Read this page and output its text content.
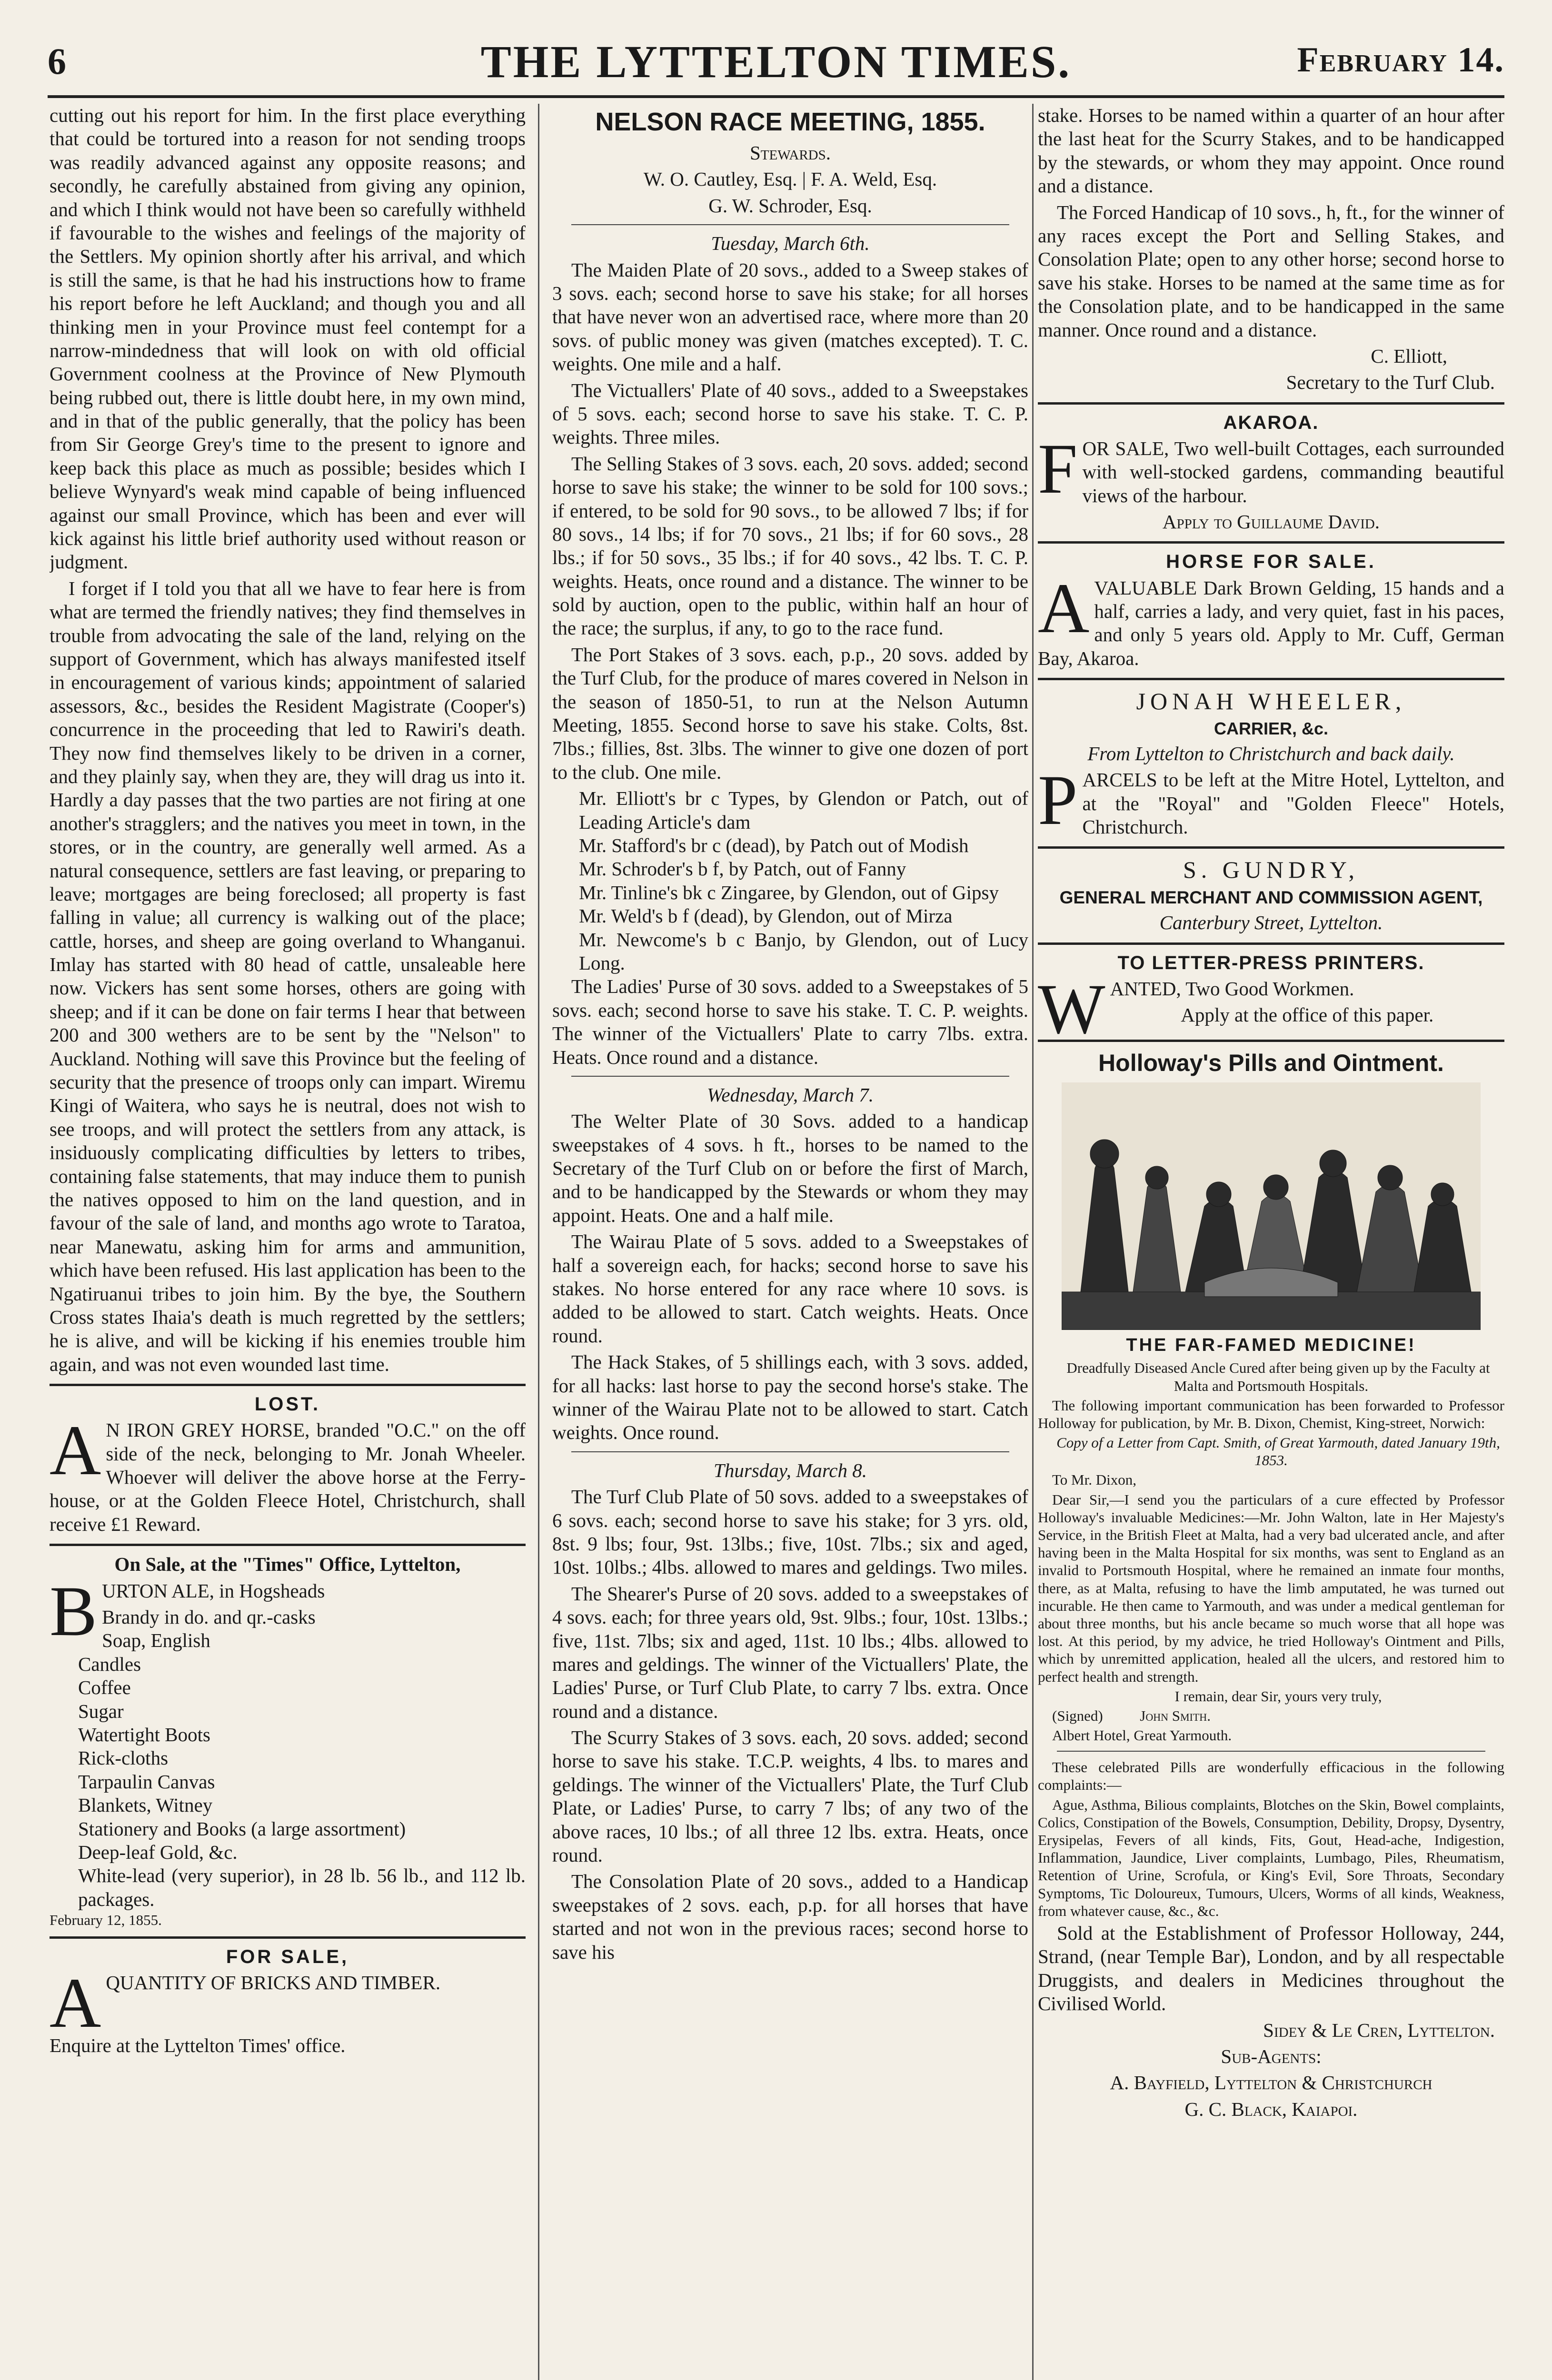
6	THE LYTTELTON TIMES.	February 14.

cutting out his report for him. In the first place everything that could be tortured into a reason for not sending troops was readily advanced against any opposite reasons; and secondly, he carefully abstained from giving any opinion, and which I think would not have been so carefully withheld if favourable to the wishes and feelings of the majority of the Settlers. My opinion shortly after his arrival, and which is still the same, is that he had his instructions how to frame his report before he left Auckland; and though you and all thinking men in your Province must feel contempt for a narrow-mindedness that will look on with old official Government coolness at the Province of New Plymouth being rubbed out, there is little doubt here, in my own mind, and in that of the public generally, that the policy has been from Sir George Grey's time to the present to ignore and keep back this place as much as possible; besides which I believe Wynyard's weak mind capable of being influenced against our small Province, which has been and ever will kick against his little brief authority used without reason or judgment.

I forget if I told you that all we have to fear here is from what are termed the friendly natives; they find themselves in trouble from advocating the sale of the land, relying on the support of Government, which has always manifested itself in encouragement of various kinds; appointment of salaried assessors, &c., besides the Resident Magistrate (Cooper's) concurrence in the proceeding that led to Rawiri's death. They now find themselves likely to be driven in a corner, and they plainly say, when they are, they will drag us into it. Hardly a day passes that the two parties are not firing at one another's stragglers; and the natives you meet in town, in the stores, or in the country, are generally well armed. As a natural consequence, settlers are fast leaving, or preparing to leave; mortgages are being foreclosed; all property is fast falling in value; all currency is walking out of the place; cattle, horses, and sheep are going overland to Whanganui. Imlay has started with 80 head of cattle, unsaleable here now. Vickers has sent some horses, others are going with sheep; and if it can be done on fair terms I hear that between 200 and 300 wethers are to be sent by the "Nelson" to Auckland. Nothing will save this Province but the feeling of security that the presence of troops only can impart. Wiremu Kingi of Waitera, who says he is neutral, does not wish to see troops, and will protect the settlers from any attack, is insiduously complicating difficulties by letters to tribes, containing false statements, that may induce them to punish the natives opposed to him on the land question, and in favour of the sale of land, and months ago wrote to Taratoa, near Manewatu, asking him for arms and ammunition, which have been refused. His last application has been to the Ngatiruanui tribes to join him. By the bye, the Southern Cross states Ihaia's death is much regretted by the settlers; he is alive, and will be kicking if his enemies trouble him again, and was not even wounded last time.

LOST.

A N IRON GREY HORSE, branded "O.C." on the off side of the neck, belonging to Mr. Jonah Wheeler. Whoever will deliver the above horse at the Ferry-house, or at the Golden Fleece Hotel, Christchurch, shall receive £1 Reward.

On Sale, at the "Times" Office, Lyttelton,

BURTON ALE, in Hogsheads

Brandy in do. and qr.-casks

Soap, English

Candles

Coffee

Sugar

Watertight Boots

Rick-cloths

Tarpaulin Canvas

Blankets, Witney

Stationery and Books (a large assortment)

Deep-leaf Gold, &c.

White-lead (very superior), in 28 lb. 56 lb., and 112 lb. packages.

February 12, 1855.

FOR SALE,

AQUANTITY OF BRICKS AND TIMBER.

Enquire at the Lyttelton Times' office.

NELSON RACE MEETING, 1855.

Stewards.

W. O. Cautley, Esq. | F. A. Weld, Esq.

G. W. Schroder, Esq.

Tuesday, March 6th.

The Maiden Plate of 20 sovs., added to a Sweep stakes of 3 sovs. each; second horse to save his stake; for all horses that have never won an advertised race, where more than 20 sovs. of public money was given (matches excepted). T. C. weights. One mile and a half.

The Victuallers' Plate of 40 sovs., added to a Sweepstakes of 5 sovs. each; second horse to save his stake. T. C. P. weights. Three miles.

The Selling Stakes of 3 sovs. each, 20 sovs. added; second horse to save his stake; the winner to be sold for 100 sovs.; if entered, to be sold for 90 sovs., to be allowed 7 lbs; if for 80 sovs., 14 lbs; if for 70 sovs., 21 lbs; if for 60 sovs., 28 lbs.; if for 50 sovs., 35 lbs.; if for 40 sovs., 42 lbs. T. C. P. weights. Heats, once round and a distance. The winner to be sold by auction, open to the public, within half an hour of the race; the surplus, if any, to go to the race fund.

The Port Stakes of 3 sovs. each, p.p., 20 sovs. added by the Turf Club, for the produce of mares covered in Nelson in the season of 1850-51, to run at the Nelson Autumn Meeting, 1855. Second horse to save his stake. Colts, 8st. 7lbs.; fillies, 8st. 3lbs. The winner to give one dozen of port to the club. One mile.

Mr. Elliott's br c Types, by Glendon or Patch, out of Leading Article's dam

Mr. Stafford's br c (dead), by Patch out of Modish

Mr. Schroder's b f, by Patch, out of Fanny

Mr. Tinline's bk c Zingaree, by Glendon, out of Gipsy

Mr. Weld's b f (dead), by Glendon, out of Mirza

Mr. Newcome's b c Banjo, by Glendon, out of Lucy Long.

The Ladies' Purse of 30 sovs. added to a Sweepstakes of 5 sovs. each; second horse to save his stake. T. C. P. weights. The winner of the Victuallers' Plate to carry 7lbs. extra. Heats. Once round and a distance.

Wednesday, March 7.

The Welter Plate of 30 Sovs. added to a handicap sweepstakes of 4 sovs. h ft., horses to be named to the Secretary of the Turf Club on or before the first of March, and to be handicapped by the Stewards or whom they may appoint. Heats. One and a half mile.

The Wairau Plate of 5 sovs. added to a Sweepstakes of half a sovereign each, for hacks; second horse to save his stakes. No horse entered for any race where 10 sovs. is added to be allowed to start. Catch weights. Heats. Once round.

The Hack Stakes, of 5 shillings each, with 3 sovs. added, for all hacks: last horse to pay the second horse's stake. The winner of the Wairau Plate not to be allowed to start. Catch weights. Once round.

Thursday, March 8.

The Turf Club Plate of 50 sovs. added to a sweepstakes of 6 sovs. each; second horse to save his stake; for 3 yrs. old, 8st. 9 lbs; four, 9st. 13lbs.; five, 10st. 7lbs.; six and aged, 10st. 10lbs.; 4lbs. allowed to mares and geldings. Two miles.

The Shearer's Purse of 20 sovs. added to a sweepstakes of 4 sovs. each; for three years old, 9st. 9lbs.; four, 10st. 13lbs.; five, 11st. 7lbs; six and aged, 11st. 10 lbs.; 4lbs. allowed to mares and geldings. The winner of the Victuallers' Plate, the Ladies' Purse, or Turf Club Plate, to carry 7 lbs. extra. Once round and a distance.

The Scurry Stakes of 3 sovs. each, 20 sovs. added; second horse to save his stake. T.C.P. weights, 4 lbs. to mares and geldings. The winner of the Victuallers' Plate, the Turf Club Plate, or Ladies' Purse, to carry 7 lbs; of any two of the above races, 10 lbs.; of all three 12 lbs. extra. Heats, once round.

The Consolation Plate of 20 sovs., added to a Handicap sweepstakes of 2 sovs. each, p.p. for all horses that have started and not won in the previous races; second horse to save his

stake. Horses to be named within a quarter of an hour after the last heat for the Scurry Stakes, and to be handicapped by the stewards, or whom they may appoint. Once round and a distance.

The Forced Handicap of 10 sovs., h, ft., for the winner of any races except the Port and Selling Stakes, and Consolation Plate; open to any other horse; second horse to save his stake. Horses to be named at the same time as for the Consolation plate, and to be handicapped in the same manner. Once round and a distance.

C. Elliott,

Secretary to the Turf Club.

AKAROA.

FOR SALE, Two well-built Cottages, each surrounded with well-stocked gardens, commanding beautiful views of the harbour.

Apply to Guillaume David.

HORSE FOR SALE.

AVALUABLE Dark Brown Gelding, 15 hands and a half, carries a lady, and very quiet, fast in his paces, and only 5 years old. Apply to Mr. Cuff, German Bay, Akaroa.

JONAH WHEELER,

CARRIER, &c.

From Lyttelton to Christchurch and back daily.

PARCELS to be left at the Mitre Hotel, Lyttelton, and at the "Royal" and "Golden Fleece" Hotels, Christchurch.

S. GUNDRY,

GENERAL MERCHANT AND COMMISSION AGENT,

Canterbury Street, Lyttelton.

TO LETTER-PRESS PRINTERS.

WANTED, Two Good Workmen.

Apply at the office of this paper.

Holloway's Pills and Ointment.
THE FAR-FAMED MEDICINE!

Dreadfully Diseased Ancle Cured after being given up by the Faculty at Malta and Portsmouth Hospitals.

The following important communication has been forwarded to Professor Holloway for publication, by Mr. B. Dixon, Chemist, King-street, Norwich:

Copy of a Letter from Capt. Smith, of Great Yarmouth, dated January 19th, 1853.

To Mr. Dixon,

Dear Sir,—I send you the particulars of a cure effected by Professor Holloway's invaluable Medicines:—Mr. John Walton, late in Her Majesty's Service, in the British Fleet at Malta, had a very bad ulcerated ancle, and after having been in the Malta Hospital for six months, was sent to England as an invalid to Portsmouth Hospital, where he remained an inmate four months, there, as at Malta, refusing to have the limb amputated, he was turned out incurable. He then came to Yarmouth, and was under a medical gentleman for about three months, but his ancle became so much worse that all hope was lost. At this period, by my advice, he tried Holloway's Ointment and Pills, which by unremitted application, healed all the ulcers, and restored him to perfect health and strength.

I remain, dear Sir, yours very truly,

(Signed)	John Smith.

Albert Hotel, Great Yarmouth.

These celebrated Pills are wonderfully efficacious in the following complaints:—

Ague, Asthma, Bilious complaints, Blotches on the Skin, Bowel complaints, Colics, Constipation of the Bowels, Consumption, Debility, Dropsy, Dysentry, Erysipelas, Fevers of all kinds, Fits, Gout, Head-ache, Indigestion, Inflammation, Jaundice, Liver complaints, Lumbago, Piles, Rheumatism, Retention of Urine, Scrofula, or King's Evil, Sore Throats, Secondary Symptoms, Tic Doloureux, Tumours, Ulcers, Worms of all kinds, Weakness, from whatever cause, &c., &c.

Sold at the Establishment of Professor Holloway, 244, Strand, (near Temple Bar), London, and by all respectable Druggists, and dealers in Medicines throughout the Civilised World.

Sidey & Le Cren, Lyttelton.

Sub-Agents:

A. Bayfield, Lyttelton & Christchurch

G. C. Black, Kaiapoi.
